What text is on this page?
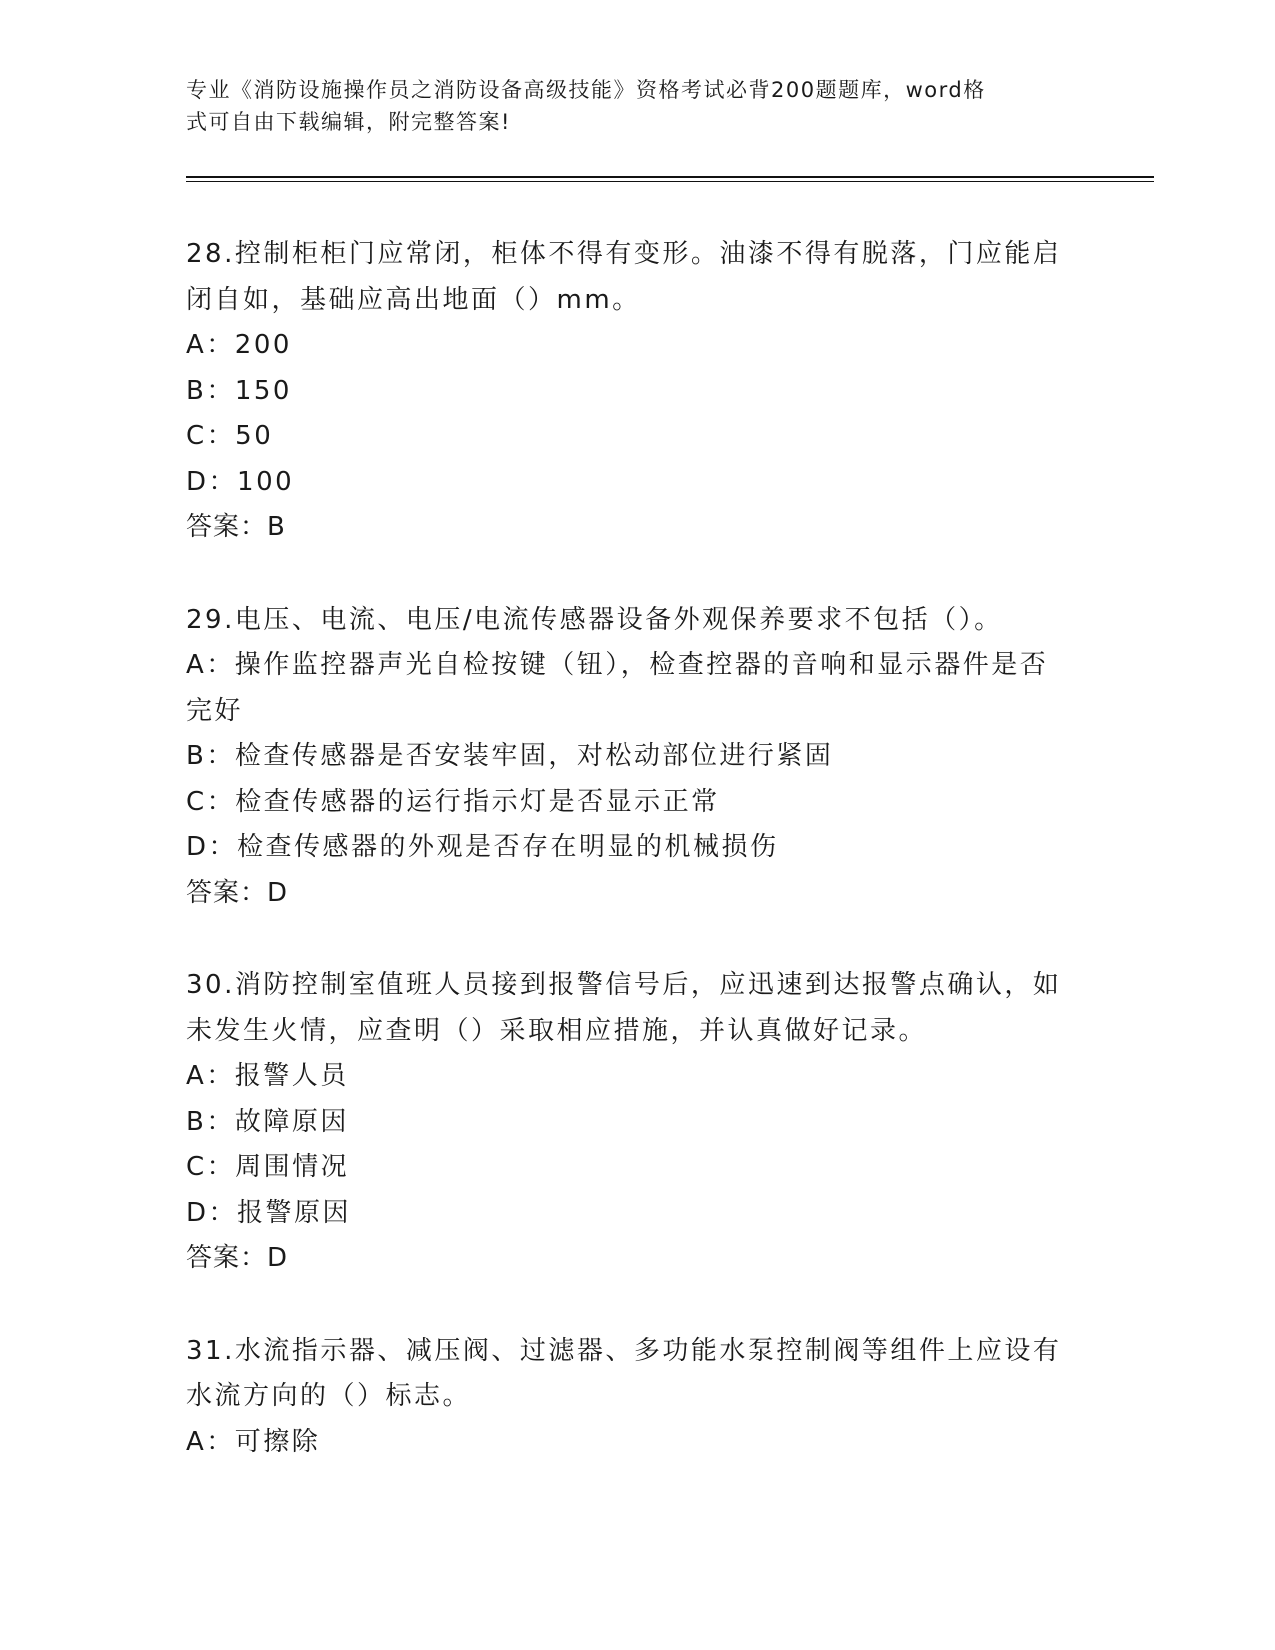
专业《消防设施操作员之消防设备高级技能》资格考试必背200题题库，word格
式可自由下载编辑，附完整答案!
28.控制柜柜门应常闭，柜体不得有变形。油漆不得有脱落，门应能启
闭自如，基础应高出地面（）mm。
A：200
B：150
C：50
D：100
答案：B
29.电压、电流、电压/电流传感器设备外观保养要求不包括（）。
A：操作监控器声光自检按键（钮），检查控器的音响和显示器件是否
完好
B：检查传感器是否安装牢固，对松动部位进行紧固
C：检查传感器的运行指示灯是否显示正常
D：检查传感器的外观是否存在明显的机械损伤
答案：D
30.消防控制室值班人员接到报警信号后，应迅速到达报警点确认，如
未发生火情，应查明（）采取相应措施，并认真做好记录。
A：报警人员
B：故障原因
C：周围情况
D：报警原因
答案：D
31.水流指示器、减压阀、过滤器、多功能水泵控制阀等组件上应设有
水流方向的（）标志。
A：可擦除
